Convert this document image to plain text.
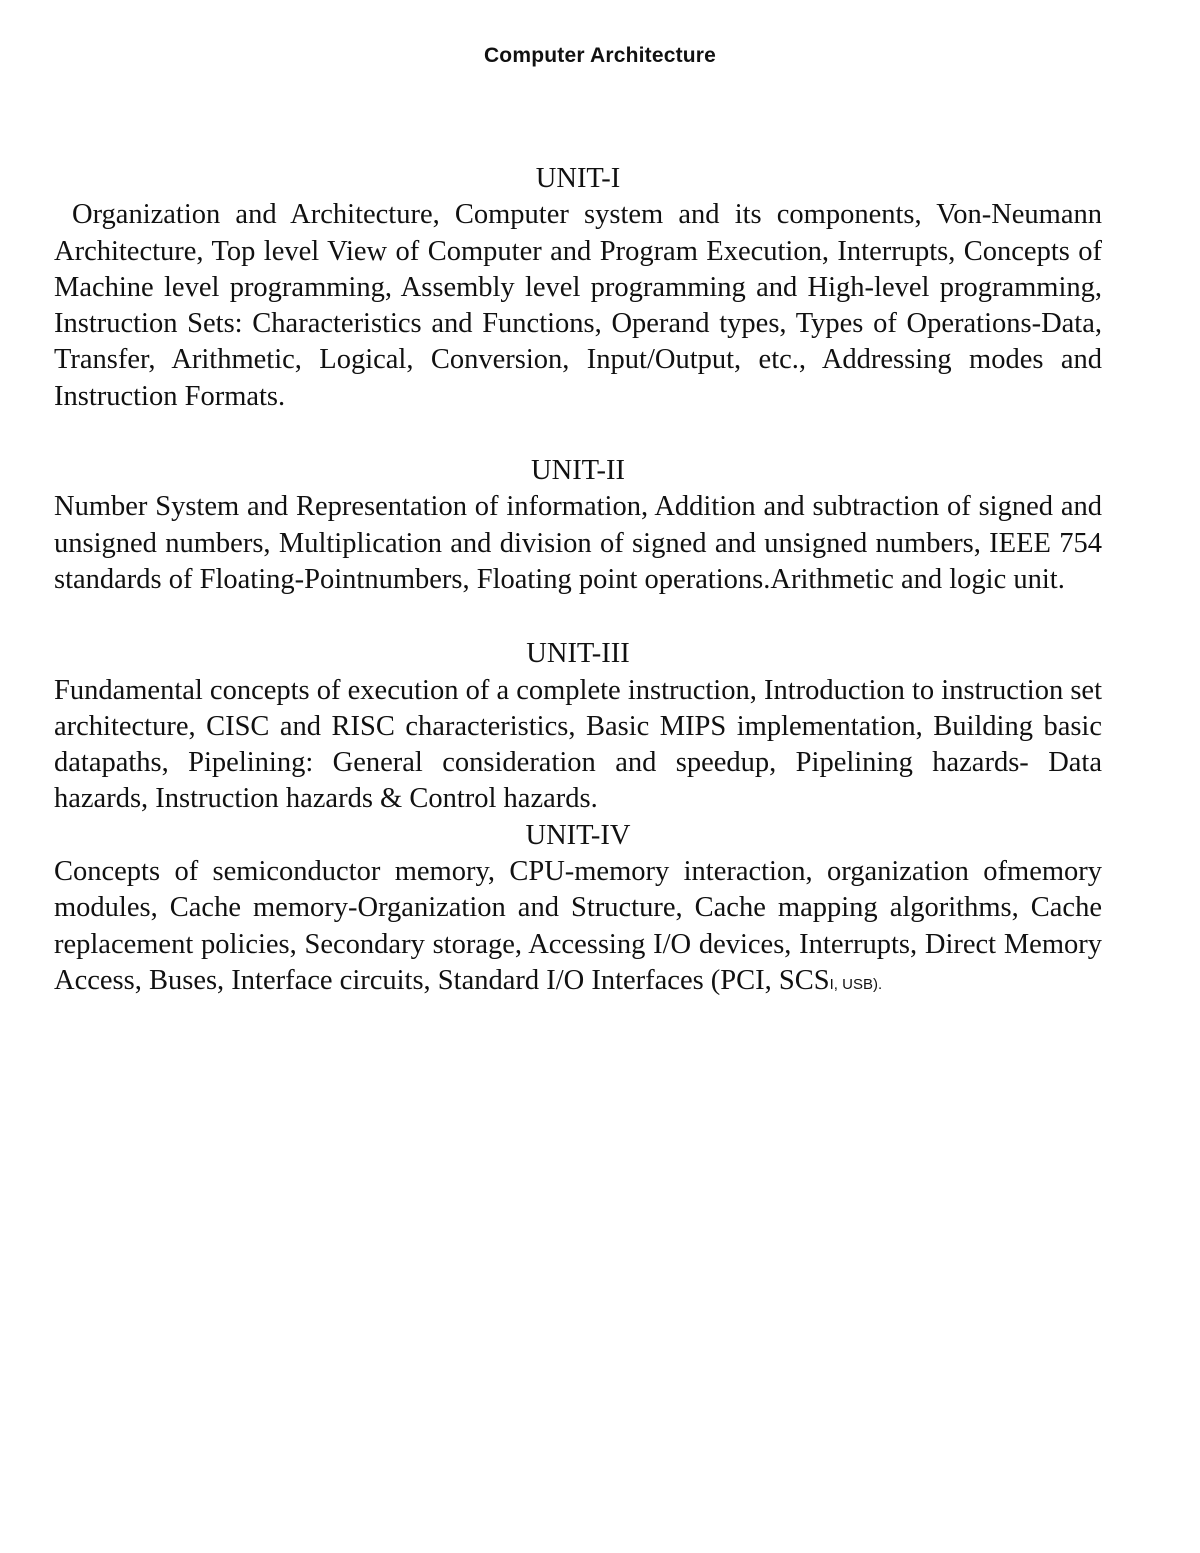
Computer Architecture

UNIT-I

Organization and Architecture, Computer system and its components, Von-Neumann Architecture, Top level View of Computer and Program Execution, Interrupts, Concepts of Machine level programming, Assembly level programming and High-level programming, Instruction Sets: Characteristics and Functions, Operand types, Types of Operations-Data, Transfer, Arithmetic, Logical, Conversion, Input/Output, etc., Addressing modes and Instruction Formats.

UNIT-II

Number System and Representation of information, Addition and subtraction of signed and unsigned numbers, Multiplication and division of signed and unsigned numbers, IEEE 754 standards of Floating-Pointnumbers, Floating point operations.Arithmetic and logic unit.

UNIT-III

Fundamental concepts of execution of a complete instruction, Introduction to instruction set architecture, CISC and RISC characteristics, Basic MIPS implementation, Building basic datapaths, Pipelining: General consideration and speedup, Pipelining hazards- Data hazards, Instruction hazards & Control hazards.

UNIT-IV

Concepts of semiconductor memory, CPU-memory interaction, organization ofmemory modules, Cache memory-Organization and Structure, Cache mapping algorithms, Cache replacement policies, Secondary storage, Accessing I/O devices, Interrupts, Direct Memory Access, Buses, Interface circuits, Standard I/O Interfaces (PCI, SCSI, USB).
